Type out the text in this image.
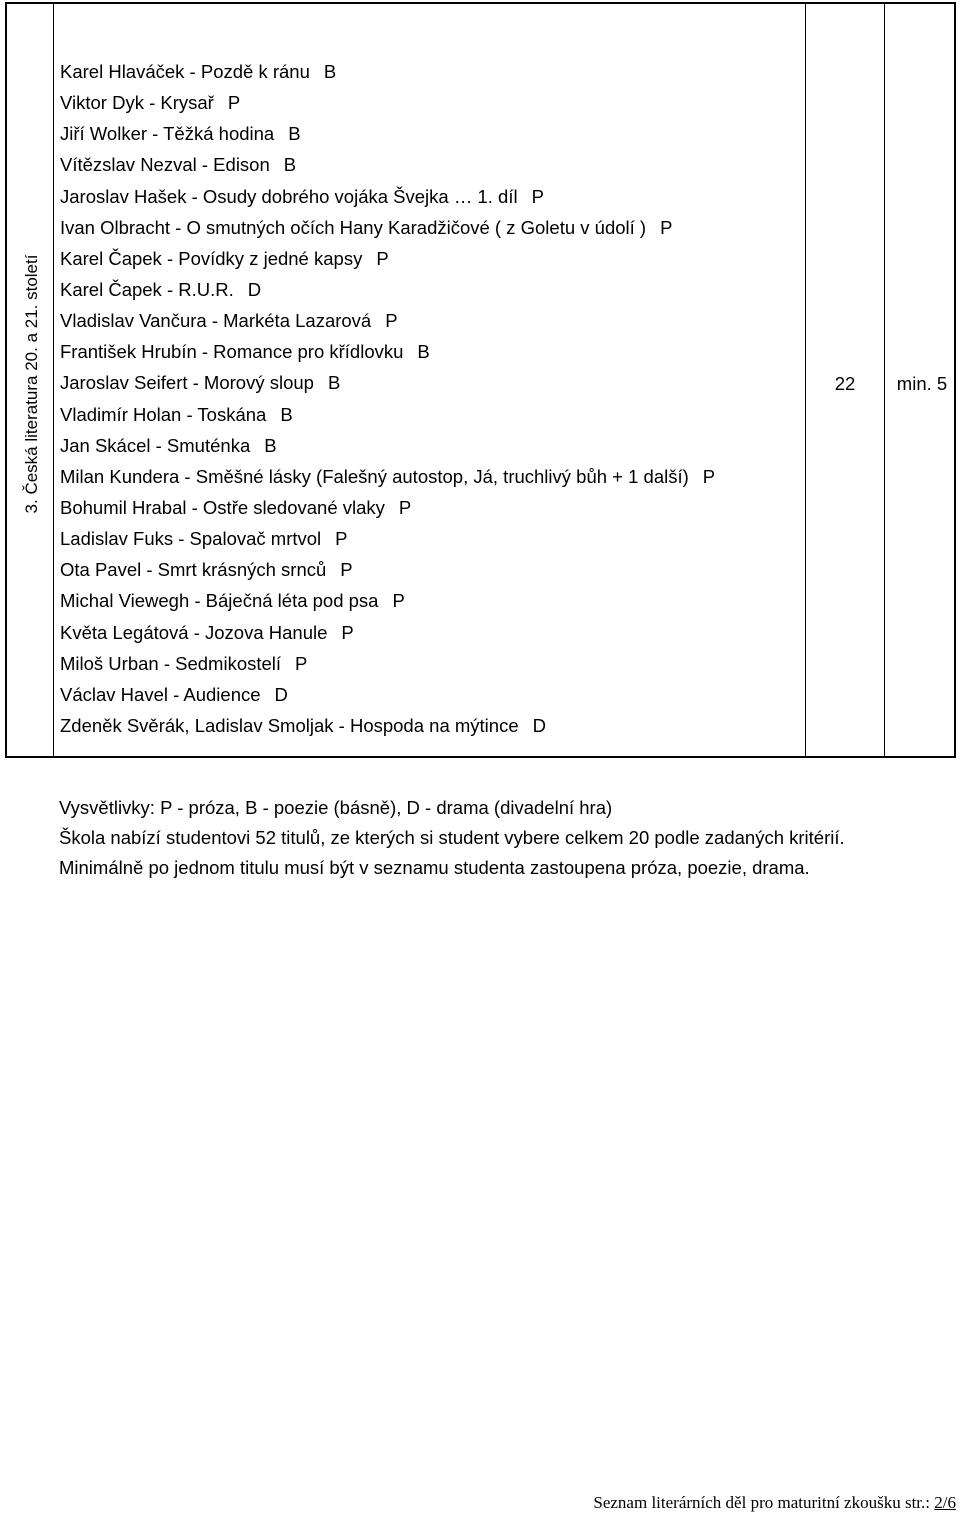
3. Česká literatura 20. a 21. století
Karel Hlaváček - Pozdě k ránu B
Viktor Dyk - Krysař P
Jiří Wolker - Těžká hodina B
Vítězslav Nezval - Edison B
Jaroslav Hašek - Osudy dobrého vojáka Švejka … 1. díl P
Ivan Olbracht - O smutných očích Hany Karadžičové ( z Goletu v údolí ) P
Karel Čapek - Povídky z jedné kapsy P
Karel Čapek - R.U.R. D
Vladislav Vančura - Markéta Lazarová P
František Hrubín - Romance pro křídlovku B
Jaroslav Seifert - Morový sloup B
Vladimír Holan - Toskána B
Jan Skácel - Smuténka B
Milan Kundera - Směšné lásky (Falešný autostop, Já, truchlivý bůh + 1 další) P
Bohumil Hrabal - Ostře sledované vlaky P
Ladislav Fuks - Spalovač mrtvol P
Ota Pavel - Smrt krásných srnců P
Michal Viewegh - Báječná léta pod psa P
Květa Legátová - Jozova Hanule P
Miloš Urban - Sedmikostelí P
Václav Havel - Audience D
Zdeněk Svěrák, Ladislav Smoljak - Hospoda na mýtince D
22	min. 5
Vysvětlivky: P - próza, B - poezie (básně), D - drama (divadelní hra)
Škola nabízí studentovi 52 titulů, ze kterých si student vybere celkem 20 podle zadaných kritérií.
Minimálně po jednom titulu musí být v seznamu studenta zastoupena próza, poezie, drama.
Seznam literárních děl pro maturitní zkoušku str.: 2/6
